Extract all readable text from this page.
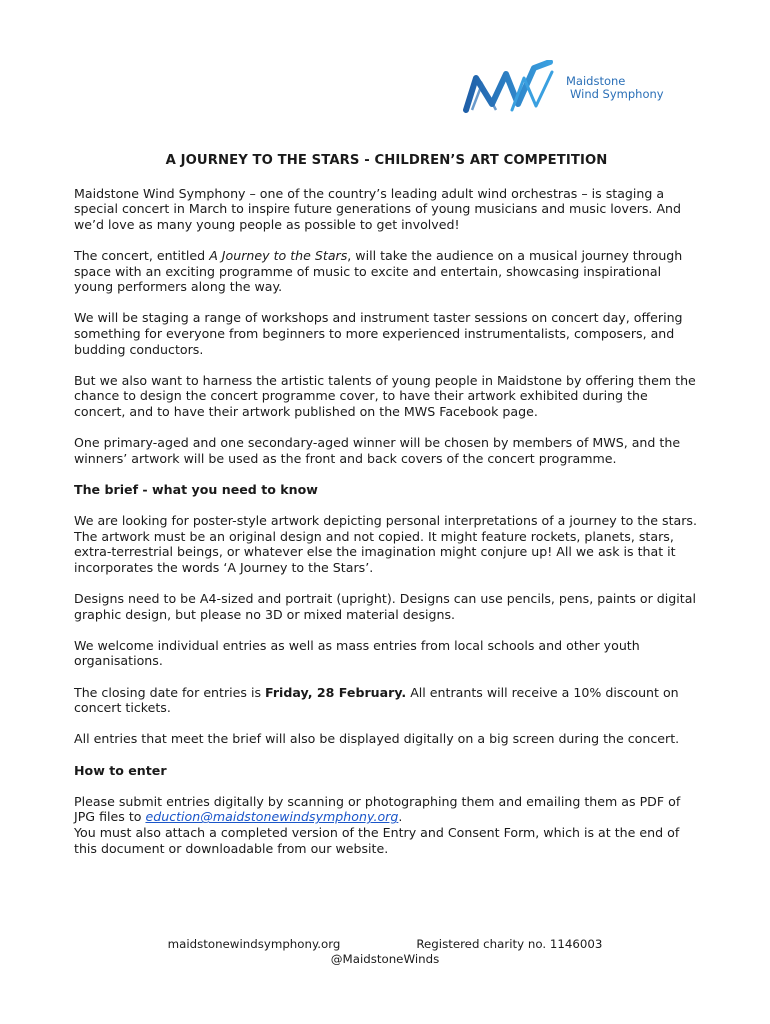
Maidstone
Wind Symphony
A JOURNEY TO THE STARS - CHILDREN’S ART COMPETITION

Maidstone Wind Symphony – one of the country’s leading adult wind orchestras – is staging a special concert in March to inspire future generations of young musicians and music lovers. And we’d love as many young people as possible to get involved!

The concert, entitled A Journey to the Stars, will take the audience on a musical journey through space with an exciting programme of music to excite and entertain, showcasing inspirational young performers along the way.

We will be staging a range of workshops and instrument taster sessions on concert day, offering something for everyone from beginners to more experienced instrumentalists, composers, and budding conductors.

But we also want to harness the artistic talents of young people in Maidstone by offering them the chance to design the concert programme cover, to have their artwork exhibited during the concert, and to have their artwork published on the MWS Facebook page.

One primary-aged and one secondary-aged winner will be chosen by members of MWS, and the winners’ artwork will be used as the front and back covers of the concert programme.

The brief - what you need to know

We are looking for poster-style artwork depicting personal interpretations of a journey to the stars. The artwork must be an original design and not copied. It might feature rockets, planets, stars, extra-terrestrial beings, or whatever else the imagination might conjure up! All we ask is that it incorporates the words ‘A Journey to the Stars’.

Designs need to be A4-sized and portrait (upright). Designs can use pencils, pens, paints or digital graphic design, but please no 3D or mixed material designs.

We welcome individual entries as well as mass entries from local schools and other youth organisations.

The closing date for entries is Friday, 28 February. All entrants will receive a 10% discount on concert tickets.

All entries that meet the brief will also be displayed digitally on a big screen during the concert.

How to enter

Please submit entries digitally by scanning or photographing them and emailing them as PDF of JPG files to eduction@maidstonewindsymphony.org.
You must also attach a completed version of the Entry and Consent Form, which is at the end of this document or downloadable from our website.

maidstonewindsymphony.org	Registered charity no. 1146003
@MaidstoneWinds
